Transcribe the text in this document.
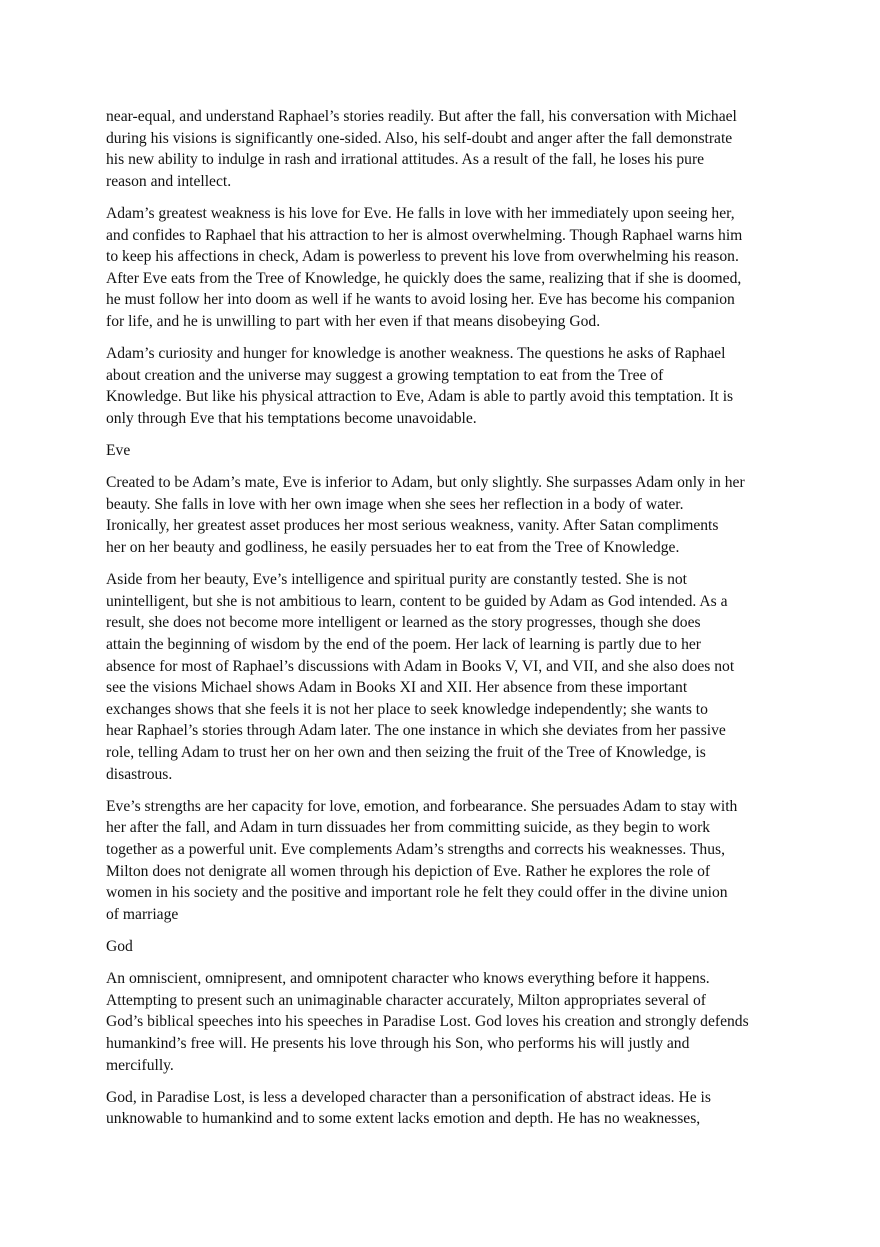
near-equal, and understand Raphael’s stories readily. But after the fall, his conversation with Michael
during his visions is significantly one-sided. Also, his self-doubt and anger after the fall demonstrate
his new ability to indulge in rash and irrational attitudes. As a result of the fall, he loses his pure
reason and intellect.

Adam’s greatest weakness is his love for Eve. He falls in love with her immediately upon seeing her,
and confides to Raphael that his attraction to her is almost overwhelming. Though Raphael warns him
to keep his affections in check, Adam is powerless to prevent his love from overwhelming his reason.
After Eve eats from the Tree of Knowledge, he quickly does the same, realizing that if she is doomed,
he must follow her into doom as well if he wants to avoid losing her. Eve has become his companion
for life, and he is unwilling to part with her even if that means disobeying God.

Adam’s curiosity and hunger for knowledge is another weakness. The questions he asks of Raphael
about creation and the universe may suggest a growing temptation to eat from the Tree of
Knowledge. But like his physical attraction to Eve, Adam is able to partly avoid this temptation. It is
only through Eve that his temptations become unavoidable.

Eve

Created to be Adam’s mate, Eve is inferior to Adam, but only slightly. She surpasses Adam only in her
beauty. She falls in love with her own image when she sees her reflection in a body of water.
Ironically, her greatest asset produces her most serious weakness, vanity. After Satan compliments
her on her beauty and godliness, he easily persuades her to eat from the Tree of Knowledge.

Aside from her beauty, Eve’s intelligence and spiritual purity are constantly tested. She is not
unintelligent, but she is not ambitious to learn, content to be guided by Adam as God intended. As a
result, she does not become more intelligent or learned as the story progresses, though she does
attain the beginning of wisdom by the end of the poem. Her lack of learning is partly due to her
absence for most of Raphael’s discussions with Adam in Books V, VI, and VII, and she also does not
see the visions Michael shows Adam in Books XI and XII. Her absence from these important
exchanges shows that she feels it is not her place to seek knowledge independently; she wants to
hear Raphael’s stories through Adam later. The one instance in which she deviates from her passive
role, telling Adam to trust her on her own and then seizing the fruit of the Tree of Knowledge, is
disastrous.

Eve’s strengths are her capacity for love, emotion, and forbearance. She persuades Adam to stay with
her after the fall, and Adam in turn dissuades her from committing suicide, as they begin to work
together as a powerful unit. Eve complements Adam’s strengths and corrects his weaknesses. Thus,
Milton does not denigrate all women through his depiction of Eve. Rather he explores the role of
women in his society and the positive and important role he felt they could offer in the divine union
of marriage

God

An omniscient, omnipresent, and omnipotent character who knows everything before it happens.
Attempting to present such an unimaginable character accurately, Milton appropriates several of
God’s biblical speeches into his speeches in Paradise Lost. God loves his creation and strongly defends
humankind’s free will. He presents his love through his Son, who performs his will justly and
mercifully.

God, in Paradise Lost, is less a developed character than a personification of abstract ideas. He is
unknowable to humankind and to some extent lacks emotion and depth. He has no weaknesses,
